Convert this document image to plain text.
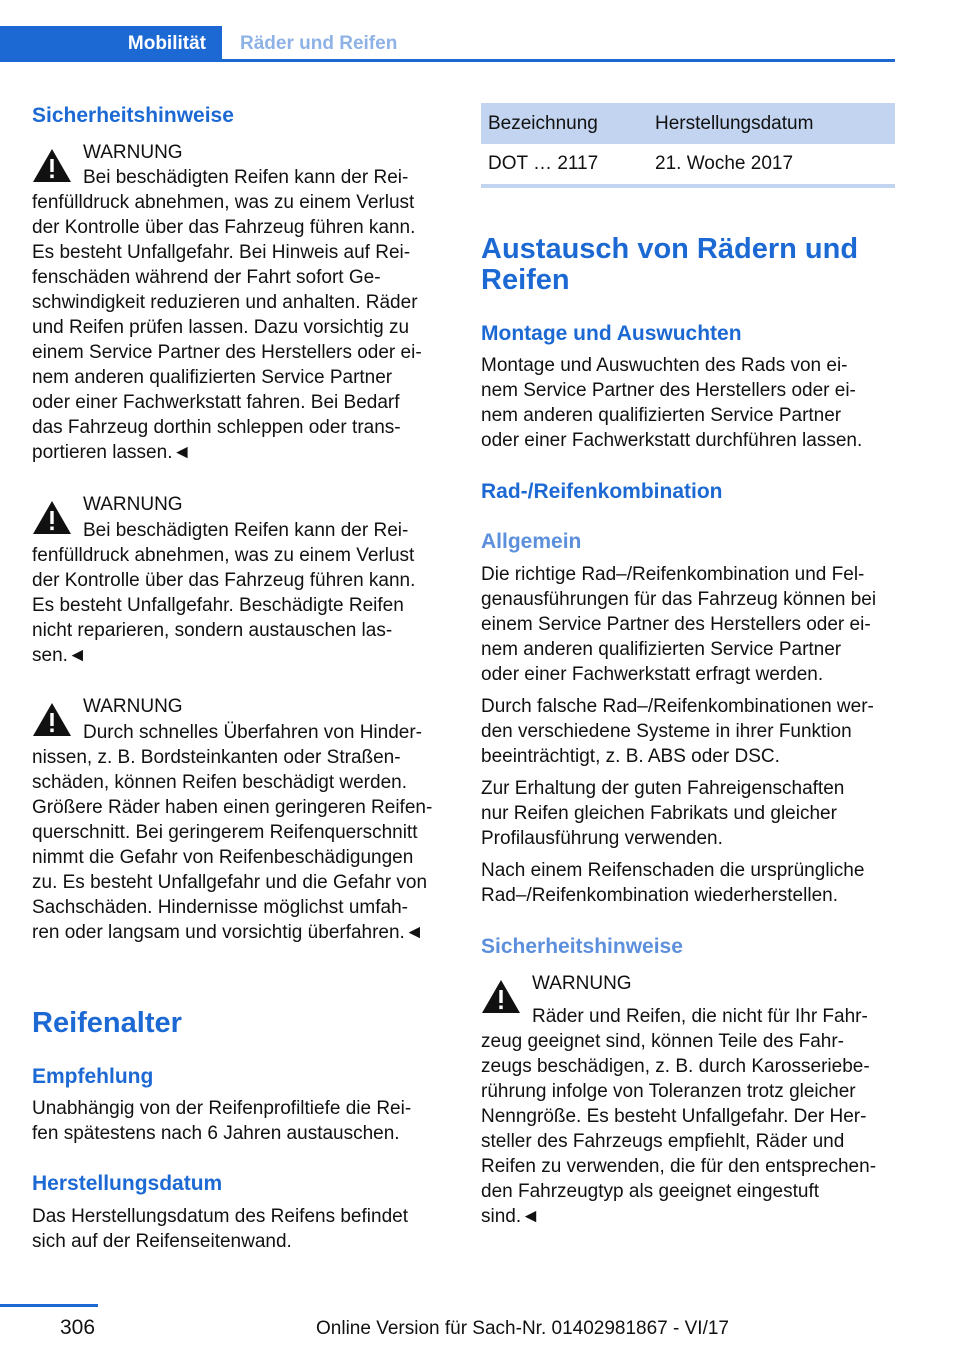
Mobilität	Räder und Reifen
Sicherheitshinweise
WARNUNG
Bei beschädigten Reifen kann der Rei-
fenfülldruck abnehmen, was zu einem Verlust
der Kontrolle über das Fahrzeug führen kann.
Es besteht Unfallgefahr. Bei Hinweis auf Rei-
fenschäden während der Fahrt sofort Ge-
schwindigkeit reduzieren und anhalten. Räder
und Reifen prüfen lassen. Dazu vorsichtig zu
einem Service Partner des Herstellers oder ei-
nem anderen qualifizierten Service Partner
oder einer Fachwerkstatt fahren. Bei Bedarf
das Fahrzeug dorthin schleppen oder trans-
portieren lassen.◄
WARNUNG
Bei beschädigten Reifen kann der Rei-
fenfülldruck abnehmen, was zu einem Verlust
der Kontrolle über das Fahrzeug führen kann.
Es besteht Unfallgefahr. Beschädigte Reifen
nicht reparieren, sondern austauschen las-
sen.◄
WARNUNG
Durch schnelles Überfahren von Hinder-
nissen, z. B. Bordsteinkanten oder Straßen-
schäden, können Reifen beschädigt werden.
Größere Räder haben einen geringeren Reifen-
querschnitt. Bei geringerem Reifenquerschnitt
nimmt die Gefahr von Reifenbeschädigungen
zu. Es besteht Unfallgefahr und die Gefahr von
Sachschäden. Hindernisse möglichst umfah-
ren oder langsam und vorsichtig überfahren.◄
Reifenalter
Empfehlung
Unabhängig von der Reifenprofiltiefe die Rei-
fen spätestens nach 6 Jahren austauschen.
Herstellungsdatum
Das Herstellungsdatum des Reifens befindet
sich auf der Reifenseitenwand.
Bezeichnung	Herstellungsdatum
DOT … 2117	21. Woche 2017
Austausch von Rädern und
Reifen
Montage und Auswuchten
Montage und Auswuchten des Rads von ei-
nem Service Partner des Herstellers oder ei-
nem anderen qualifizierten Service Partner
oder einer Fachwerkstatt durchführen lassen.
Rad-/Reifenkombination
Allgemein
Die richtige Rad–/Reifenkombination und Fel-
genausführungen für das Fahrzeug können bei
einem Service Partner des Herstellers oder ei-
nem anderen qualifizierten Service Partner
oder einer Fachwerkstatt erfragt werden.
Durch falsche Rad–/Reifenkombinationen wer-
den verschiedene Systeme in ihrer Funktion
beeinträchtigt, z. B. ABS oder DSC.
Zur Erhaltung der guten Fahreigenschaften
nur Reifen gleichen Fabrikats und gleicher
Profilausführung verwenden.
Nach einem Reifenschaden die ursprüngliche
Rad–/Reifenkombination wiederherstellen.
Sicherheitshinweise
WARNUNG
Räder und Reifen, die nicht für Ihr Fahr-
zeug geeignet sind, können Teile des Fahr-
zeugs beschädigen, z. B. durch Karosseriebe-
rührung infolge von Toleranzen trotz gleicher
Nenngröße. Es besteht Unfallgefahr. Der Her-
steller des Fahrzeugs empfiehlt, Räder und
Reifen zu verwenden, die für den entsprechen-
den Fahrzeugtyp als geeignet eingestuft
sind.◄
306	Online Version für Sach-Nr. 01402981867 - VI/17
